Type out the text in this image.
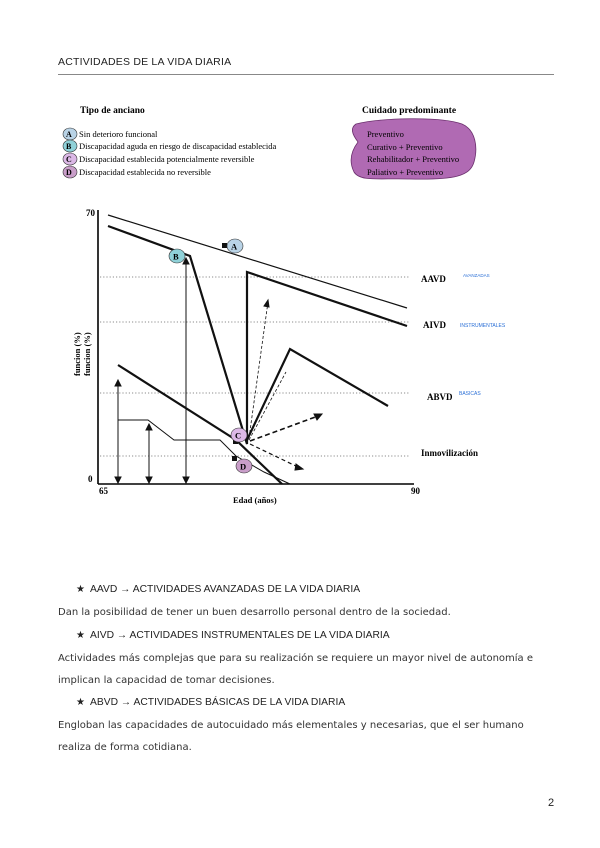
ACTIVIDADES DE LA VIDA DIARIA
Tipo de anciano	Cuidado predominante
A Sin deterioro funcional
B Discapacidad aguda en riesgo de discapacidad establecida
C Discapacidad establecida potencialmente reversible
D Discapacidad establecida no reversible
Preventivo
Curativo + Preventivo
Rehabilitador + Preventivo
Paliativo + Preventivo
70
0
65	90
Edad (años)
funcion (%) funcion (%)
AAVD	AVANZADAS
AIVD	INSTRUMENTALES
ABVD BASICAS
Inmovilización
A
B
C
D
★ AAVD → ACTIVIDADES AVANZADAS DE LA VIDA DIARIA
Dan la posibilidad de tener un buen desarrollo personal dentro de la sociedad.
★ AIVD → ACTIVIDADES INSTRUMENTALES DE LA VIDA DIARIA
Actividades más complejas que para su realización se requiere un mayor nivel de autonomía e
implican la capacidad de tomar decisiones.
★ ABVD → ACTIVIDADES BÁSICAS DE LA VIDA DIARIA
Engloban las capacidades de autocuidado más elementales y necesarias, que el ser humano
realiza de forma cotidiana.
2
